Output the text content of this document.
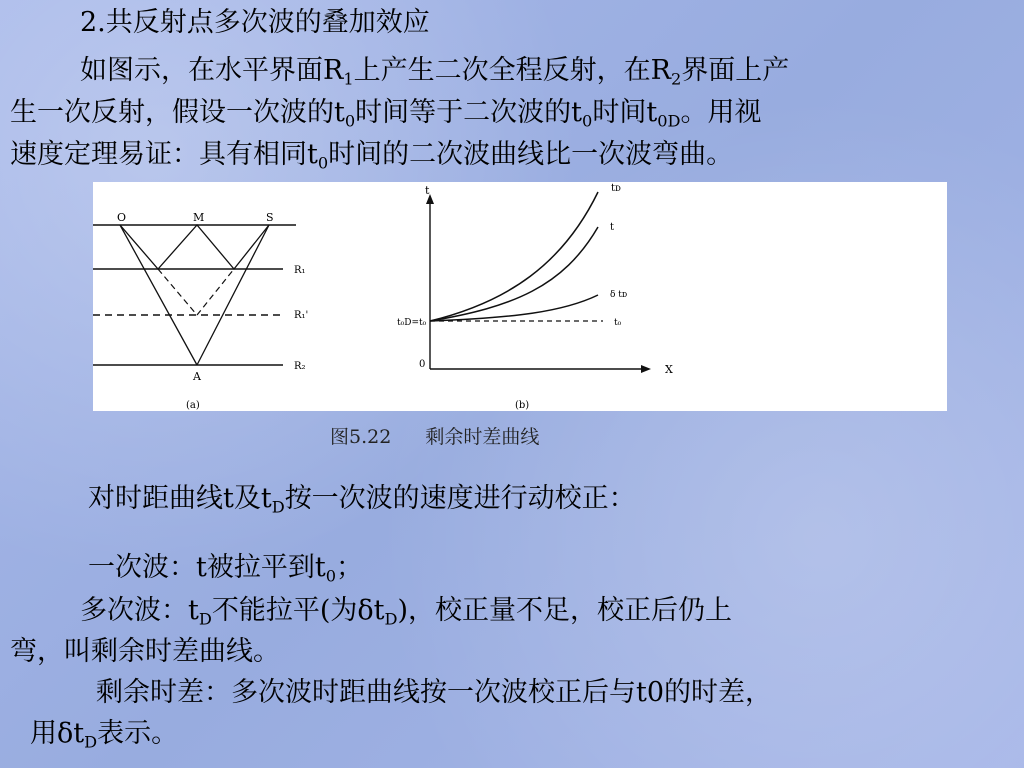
2.共反射点多次波的叠加效应
如图示，在水平界面$R_1$上产生二次全程反射，在$R_2$界面上产
生一次反射，假设一次波的$t_0$时间等于二次波的$t_0$时间$t_{0D}$。用视
速度定理易证：具有相同$t_0$时间的二次波曲线比一次波弯曲。
O	M	S
A
R₁
R₁'
R₂
(a)
t
X
0
t₀D=t₀
tᴅ
t
δ tᴅ
t₀
(b)
图5.22 剩余时差曲线
对时距曲线t及$t_D$按一次波的速度进行动校正：
一次波：t被拉平到$t_0$；
多次波：$t_D$不能拉平(为$\delta t_D$)，校正量不足，校正后仍上
弯，叫剩余时差曲线。
剩余时差：多次波时距曲线按一次波校正后与t0的时差，
用$\delta t_D$表示。
